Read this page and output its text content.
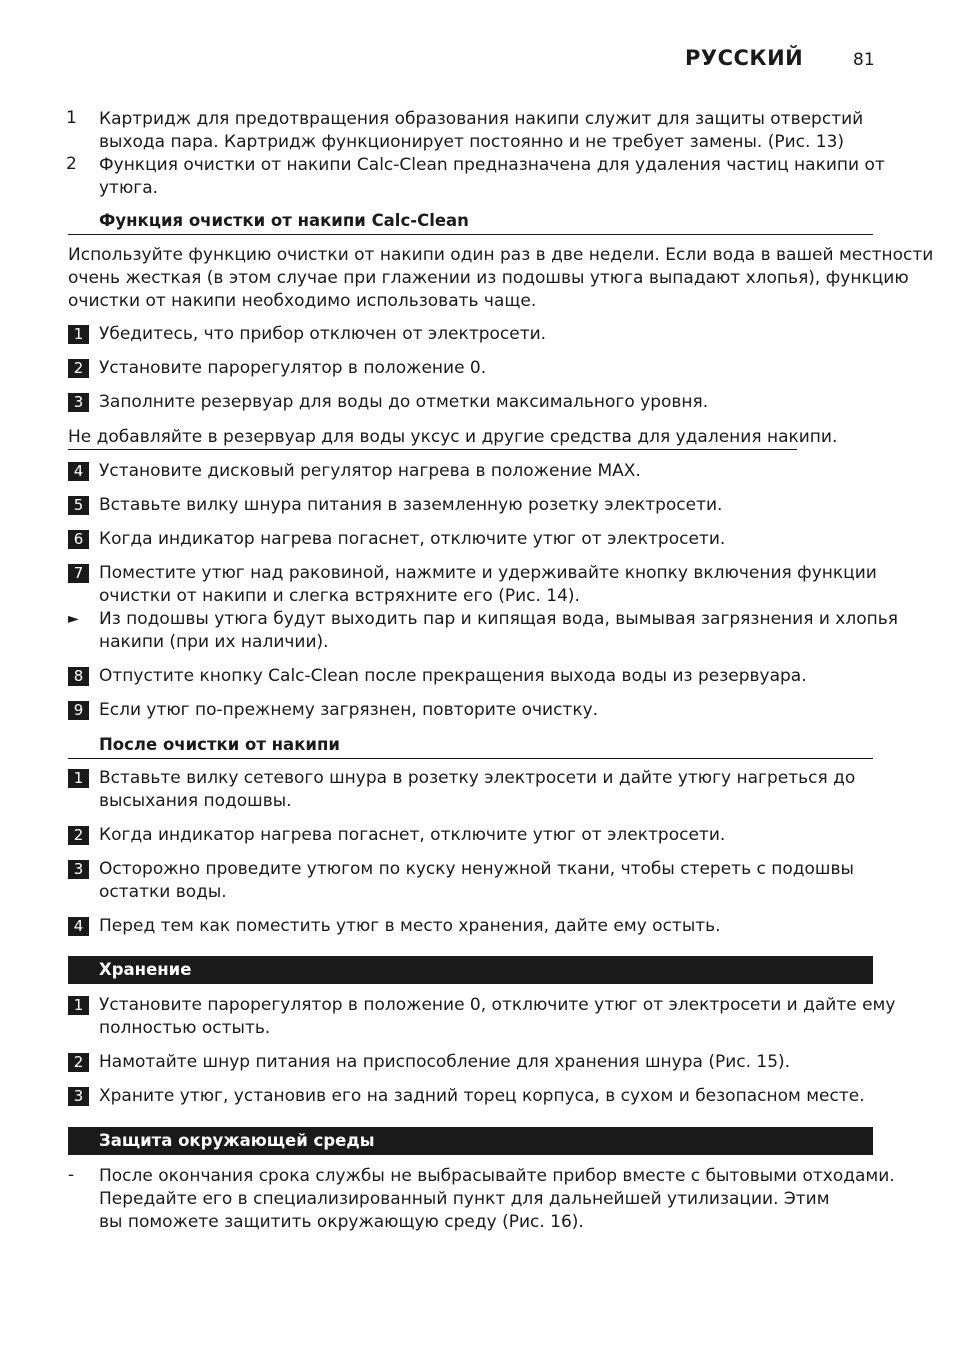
РУССКИЙ	81
1	Картридж для предотвращения образования накипи служит для защиты отверстий
выхода пара. Картридж функционирует постоянно и не требует замены. (Рис. 13)
2	Функция очистки от накипи Calc-Clean предназначена для удаления частиц накипи от
утюга.
Функция очистки от накипи Calc-Clean
Используйте функцию очистки от накипи один раз в две недели. Если вода в вашей местности
очень жесткая (в этом случае при глажении из подошвы утюга выпадают хлопья), функцию
очистки от накипи необходимо использовать чаще.
1 Убедитесь, что прибор отключен от электросети.
2 Установите парорегулятор в положение 0.
3 Заполните резервуар для воды до отметки максимального уровня.
Не добавляйте в резервуар для воды уксус и другие средства для удаления накипи.
4 Установите дисковый регулятор нагрева в положение MAX.
5 Вставьте вилку шнура питания в заземленную розетку электросети.
6 Когда индикатор нагрева погаснет, отключите утюг от электросети.
7 Поместите утюг над раковиной, нажмите и удерживайте кнопку включения функции
очистки от накипи и слегка встряхните его (Рис. 14).
► Из подошвы утюга будут выходить пар и кипящая вода, вымывая загрязнения и хлопья
накипи (при их наличии).
8 Отпустите кнопку Calc-Clean после прекращения выхода воды из резервуара.
9 Если утюг по-прежнему загрязнен, повторите очистку.
После очистки от накипи
1 Вставьте вилку сетевого шнура в розетку электросети и дайте утюгу нагреться до
высыхания подошвы.
2 Когда индикатор нагрева погаснет, отключите утюг от электросети.
3 Осторожно проведите утюгом по куску ненужной ткани, чтобы стереть с подошвы
остатки воды.
4 Перед тем как поместить утюг в место хранения, дайте ему остыть.
Хранение
1 Установите парорегулятор в положение 0, отключите утюг от электросети и дайте ему
полностью остыть.
2 Намотайте шнур питания на приспособление для хранения шнура (Рис. 15).
3 Храните утюг, установив его на задний торец корпуса, в сухом и безопасном месте.
Защита окружающей среды
- После окончания срока службы не выбрасывайте прибор вместе с бытовыми отходами.
Передайте его в специализированный пункт для дальнейшей утилизации. Этим
вы поможете защитить окружающую среду (Рис. 16).
